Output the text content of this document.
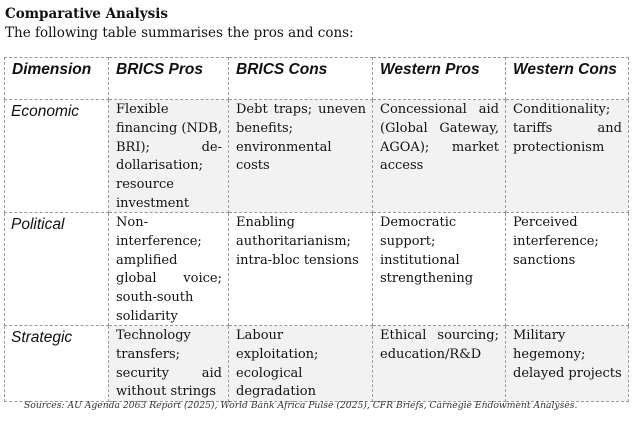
Comparative Analysis
The following table summarises the pros and cons:
Dimension	BRICS Pros	BRICS Cons	Western Pros	Western Cons
Economic	Flexible financing (NDB, BRI); de-dollarisation; resource investment	Debt traps; uneven benefits; environmental costs	Concessional aid (Global Gateway, AGOA); market access	Conditionality; tariffs and protectionism

Political	Non-interference; amplified global voice; south-south solidarity	Enabling authoritarianism; intra-bloc tensions	Democratic support; institutional strengthening	Perceived interference; sanctions

Strategic	Technology transfers; security aid without strings	Labour exploitation; ecological degradation	Ethical sourcing; education/R&D	Military hegemony; delayed projects
Sources: AU Agenda 2063 Report (2025), World Bank Africa Pulse (2025), CFR Briefs, Carnegie Endowment Analyses.
